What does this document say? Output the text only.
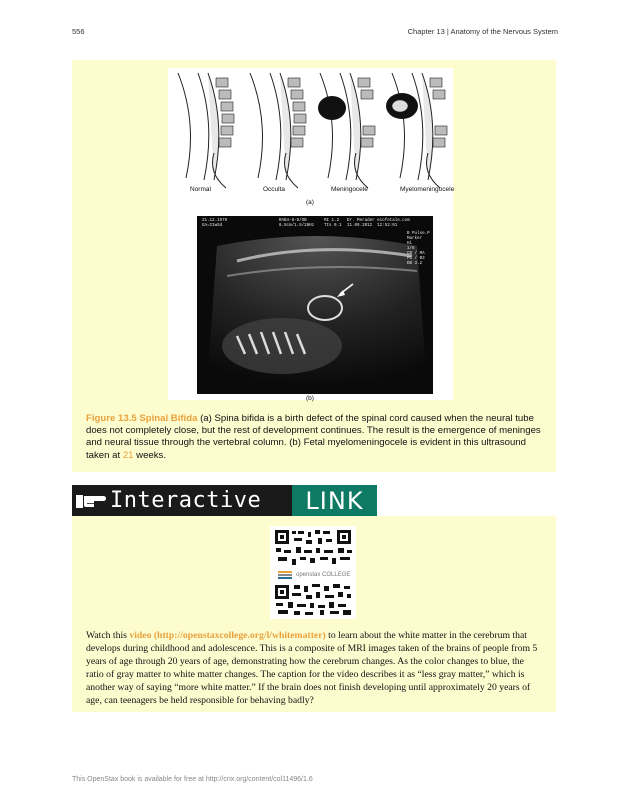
556	Chapter 13 | Anatomy of the Nervous System
Normal	Occulta	Meningocele	Myelomeningocele
(a)
21.12.1979
GA=21w5d
RAB4-8-D/OB
8.5cm/1.5/28Hz
MI 1.2
TIs 0.1
Dr. Merader ecofetale.com
11.09.2012 12:52:01
B Pulse.P
Marker
Hi
1/6
CB / MA
P1 / B3
DB 3.2
(b)
Figure 13.5 Spinal Bifida (a) Spina bifida is a birth defect of the spinal cord caused when the neural tube does not completely close, but the rest of development continues. The result is the emergence of meninges and neural tissue through the vertebral column. (b) Fetal myelomeningocele is evident in this ultrasound taken at 21 weeks.
Interactive	LINK
openstax COLLEGE
Watch this video (http://openstaxcollege.org/l/whitematter) to learn about the white matter in the cerebrum that develops during childhood and adolescence. This is a composite of MRI images taken of the brains of people from 5 years of age through 20 years of age, demonstrating how the cerebrum changes. As the color changes to blue, the ratio of gray matter to white matter changes. The caption for the video describes it as “less gray matter,” which is another way of saying “more white matter.” If the brain does not finish developing until approximately 20 years of age, can teenagers be held responsible for behaving badly?
This OpenStax book is available for free at http://cnx.org/content/col11496/1.6
